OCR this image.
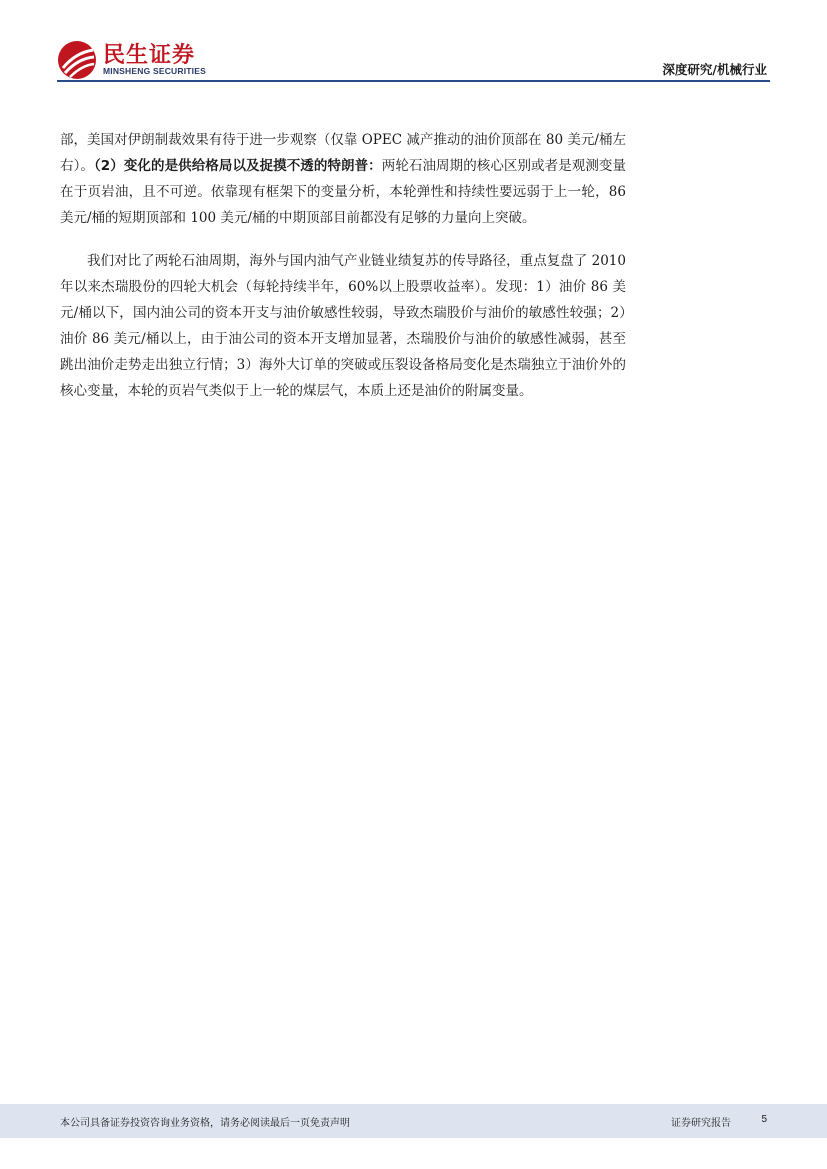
民生证券
MINSHENG SECURITIES	深度研究/机械行业

部，美国对伊朗制裁效果有待于进一步观察（仅靠 OPEC 减产推动的油价顶部在 80 美元/桶左右）。（2）变化的是供给格局以及捉摸不透的特朗普：两轮石油周期的核心区别或者是观测变量在于页岩油，且不可逆。依靠现有框架下的变量分析，本轮弹性和持续性要远弱于上一轮，86 美元/桶的短期顶部和 100 美元/桶的中期顶部目前都没有足够的力量向上突破。

我们对比了两轮石油周期，海外与国内油气产业链业绩复苏的传导路径，重点复盘了 2010 年以来杰瑞股份的四轮大机会（每轮持续半年，60%以上股票收益率）。发现：1）油价 86 美元/桶以下，国内油公司的资本开支与油价敏感性较弱，导致杰瑞股价与油价的敏感性较强；2）油价 86 美元/桶以上，由于油公司的资本开支增加显著，杰瑞股价与油价的敏感性减弱，甚至跳出油价走势走出独立行情；3）海外大订单的突破或压裂设备格局变化是杰瑞独立于油价外的核心变量，本轮的页岩气类似于上一轮的煤层气，本质上还是油价的附属变量。

本公司具备证券投资咨询业务资格，请务必阅读最后一页免责声明	证券研究报告	5
